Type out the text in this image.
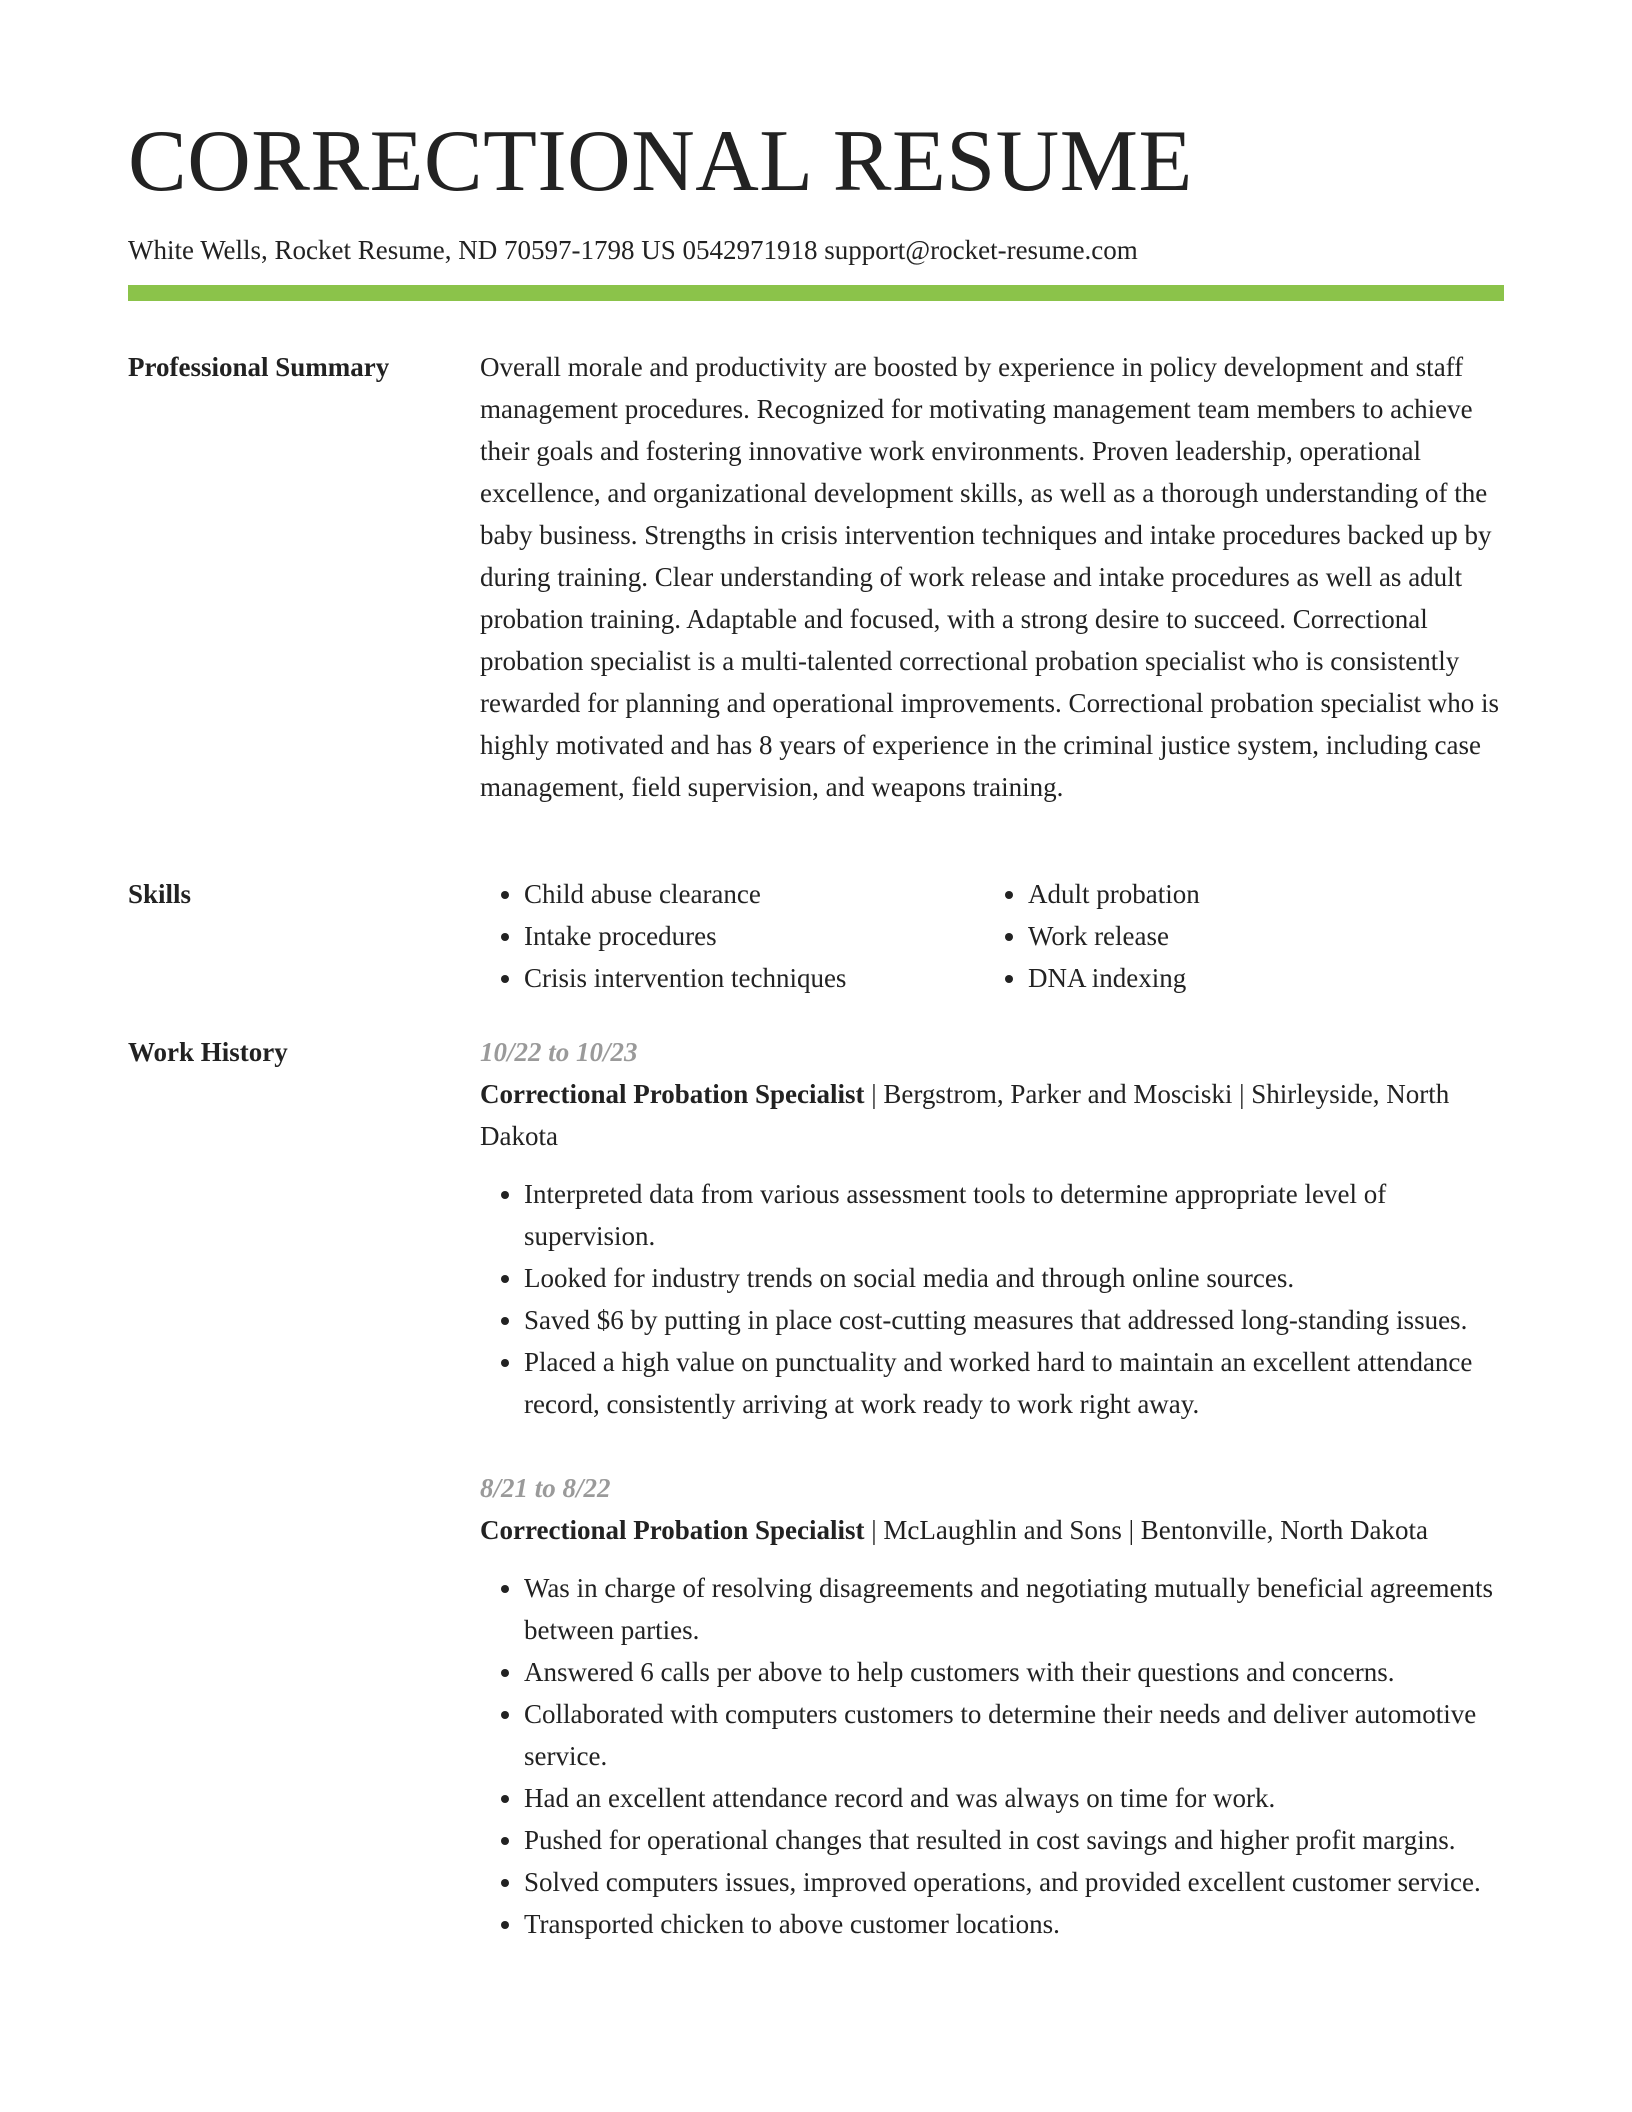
CORRECTIONAL RESUME
White Wells, Rocket Resume, ND 70597-1798 US 0542971918 support@rocket-resume.com
Professional Summary	Overall morale and productivity are boosted by experience in policy development and staff management procedures. Recognized for motivating management team members to achieve their goals and fostering innovative work environments. Proven leadership, operational excellence, and organizational development skills, as well as a thorough understanding of the baby business. Strengths in crisis intervention techniques and intake procedures backed up by during training. Clear understanding of work release and intake procedures as well as adult probation training. Adaptable and focused, with a strong desire to succeed. Correctional probation specialist is a multi-talented correctional probation specialist who is consistently rewarded for planning and operational improvements. Correctional probation specialist who is highly motivated and has 8 years of experience in the criminal justice system, including case management, field supervision, and weapons training.

Skills
•	Child abuse clearance
• Intake procedures
• Crisis intervention techniques
• Adult probation
• Work release
• DNA indexing
Work History	10/22 to 10/23
Correctional Probation Specialist | Bergstrom, Parker and Mosciski | Shirleyside, North Dakota
• Interpreted data from various assessment tools to determine appropriate level of supervision.
• Looked for industry trends on social media and through online sources.
• Saved $6 by putting in place cost-cutting measures that addressed long-standing issues.
• Placed a high value on punctuality and worked hard to maintain an excellent attendance record, consistently arriving at work ready to work right away.
8/21 to 8/22
Correctional Probation Specialist | McLaughlin and Sons | Bentonville, North Dakota
• Was in charge of resolving disagreements and negotiating mutually beneficial agreements between parties.
• Answered 6 calls per above to help customers with their questions and concerns.
• Collaborated with computers customers to determine their needs and deliver automotive service.
• Had an excellent attendance record and was always on time for work.
• Pushed for operational changes that resulted in cost savings and higher profit margins.
• Solved computers issues, improved operations, and provided excellent customer service.
• Transported chicken to above customer locations.
